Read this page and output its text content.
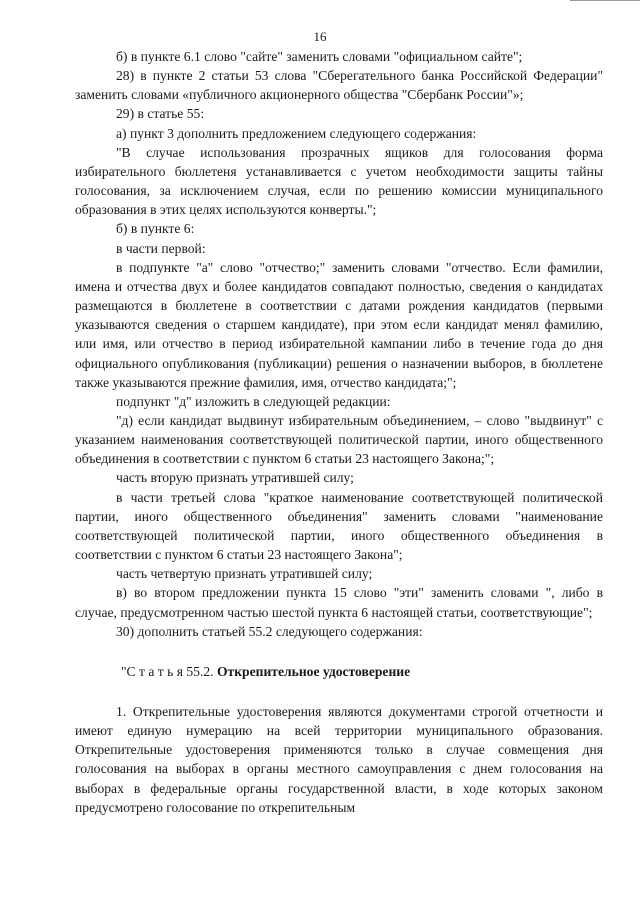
16

б) в пункте 6.1 слово "сайте" заменить словами "официальном сайте";

28) в пункте 2 статьи 53 слова "Сберегательного банка Российской Федерации" заменить словами «публичного акционерного общества "Сбербанк России"»;

29) в статье 55:

а) пункт 3 дополнить предложением следующего содержания:

"В случае использования прозрачных ящиков для голосования форма избирательного бюллетеня устанавливается с учетом необходимости защиты тайны голосования, за исключением случая, если по решению комиссии муниципального образования в этих целях используются конверты.";

б) в пункте 6:

в части первой:

в подпункте "а" слово "отчество;" заменить словами "отчество. Если фамилии, имена и отчества двух и более кандидатов совпадают полностью, сведения о кандидатах размещаются в бюллетене в соответствии с датами рождения кандидатов (первыми указываются сведения о старшем кандидате), при этом если кандидат менял фамилию, или имя, или отчество в период избирательной кампании либо в течение года до дня официального опубликования (публикации) решения о назначении выборов, в бюллетене также указываются прежние фамилия, имя, отчество кандидата;";

подпункт "д" изложить в следующей редакции:

"д) если кандидат выдвинут избирательным объединением, – слово "выдвинут" с указанием наименования соответствующей политической партии, иного общественного объединения в соответствии с пунктом 6 статьи 23 настоящего Закона;";

часть вторую признать утратившей силу;

в части третьей слова "краткое наименование соответствующей политической партии, иного общественного объединения" заменить словами "наименование соответствующей политической партии, иного общественного объединения в соответствии с пунктом 6 статьи 23 настоящего Закона";

часть четвертую признать утратившей силу;

в) во втором предложении пункта 15 слово "эти" заменить словами ", либо в случае, предусмотренном частью шестой пункта 6 настоящей статьи, соответствующие";

30) дополнить статьей 55.2 следующего содержания:

"С т а т ь я 55.2. Открепительное удостоверение

1. Открепительные удостоверения являются документами строгой отчетности и имеют единую нумерацию на всей территории муниципального образования. Открепительные удостоверения применяются только в случае совмещения дня голосования на выборах в органы местного самоуправления с днем голосования на выборах в федеральные органы государственной власти, в ходе которых законом предусмотрено голосование по открепительным
